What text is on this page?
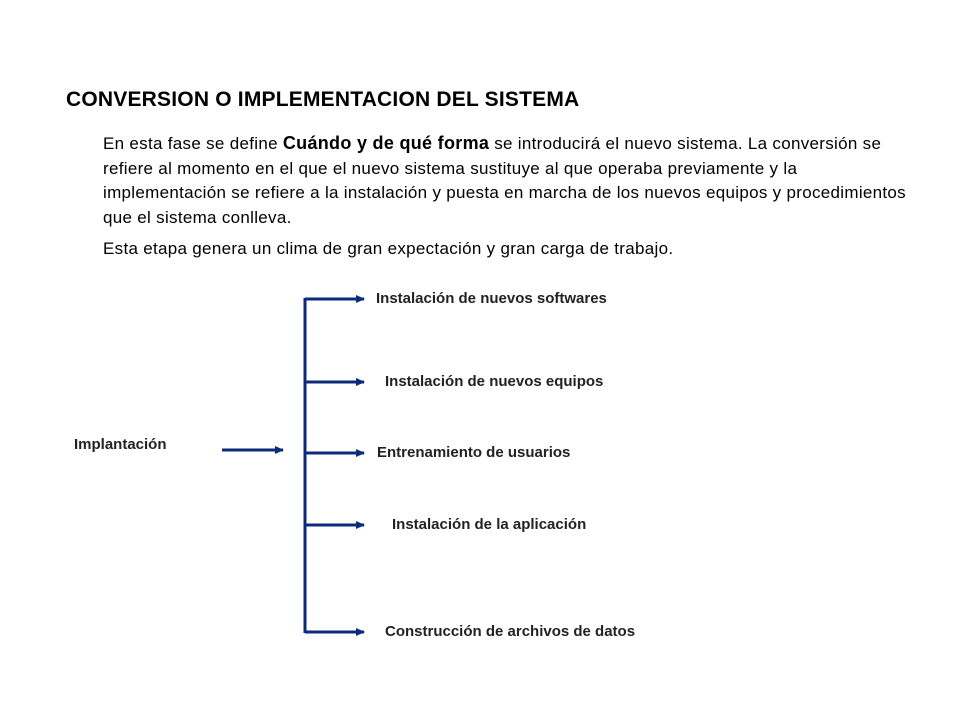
CONVERSION O IMPLEMENTACION DEL SISTEMA
En esta fase se define Cuándo y de qué forma se introducirá el nuevo sistema. La conversión se refiere al momento en el que el nuevo sistema sustituye al que operaba previamente y la implementación se refiere a la instalación y puesta en marcha de los nuevos equipos y procedimientos que el sistema conlleva.
Esta etapa genera un clima de gran expectación y gran carga de trabajo.
Implantación
Instalación de nuevos softwares
Instalación de nuevos equipos
Entrenamiento de usuarios
Instalación de la aplicación
Construcción de archivos de datos
